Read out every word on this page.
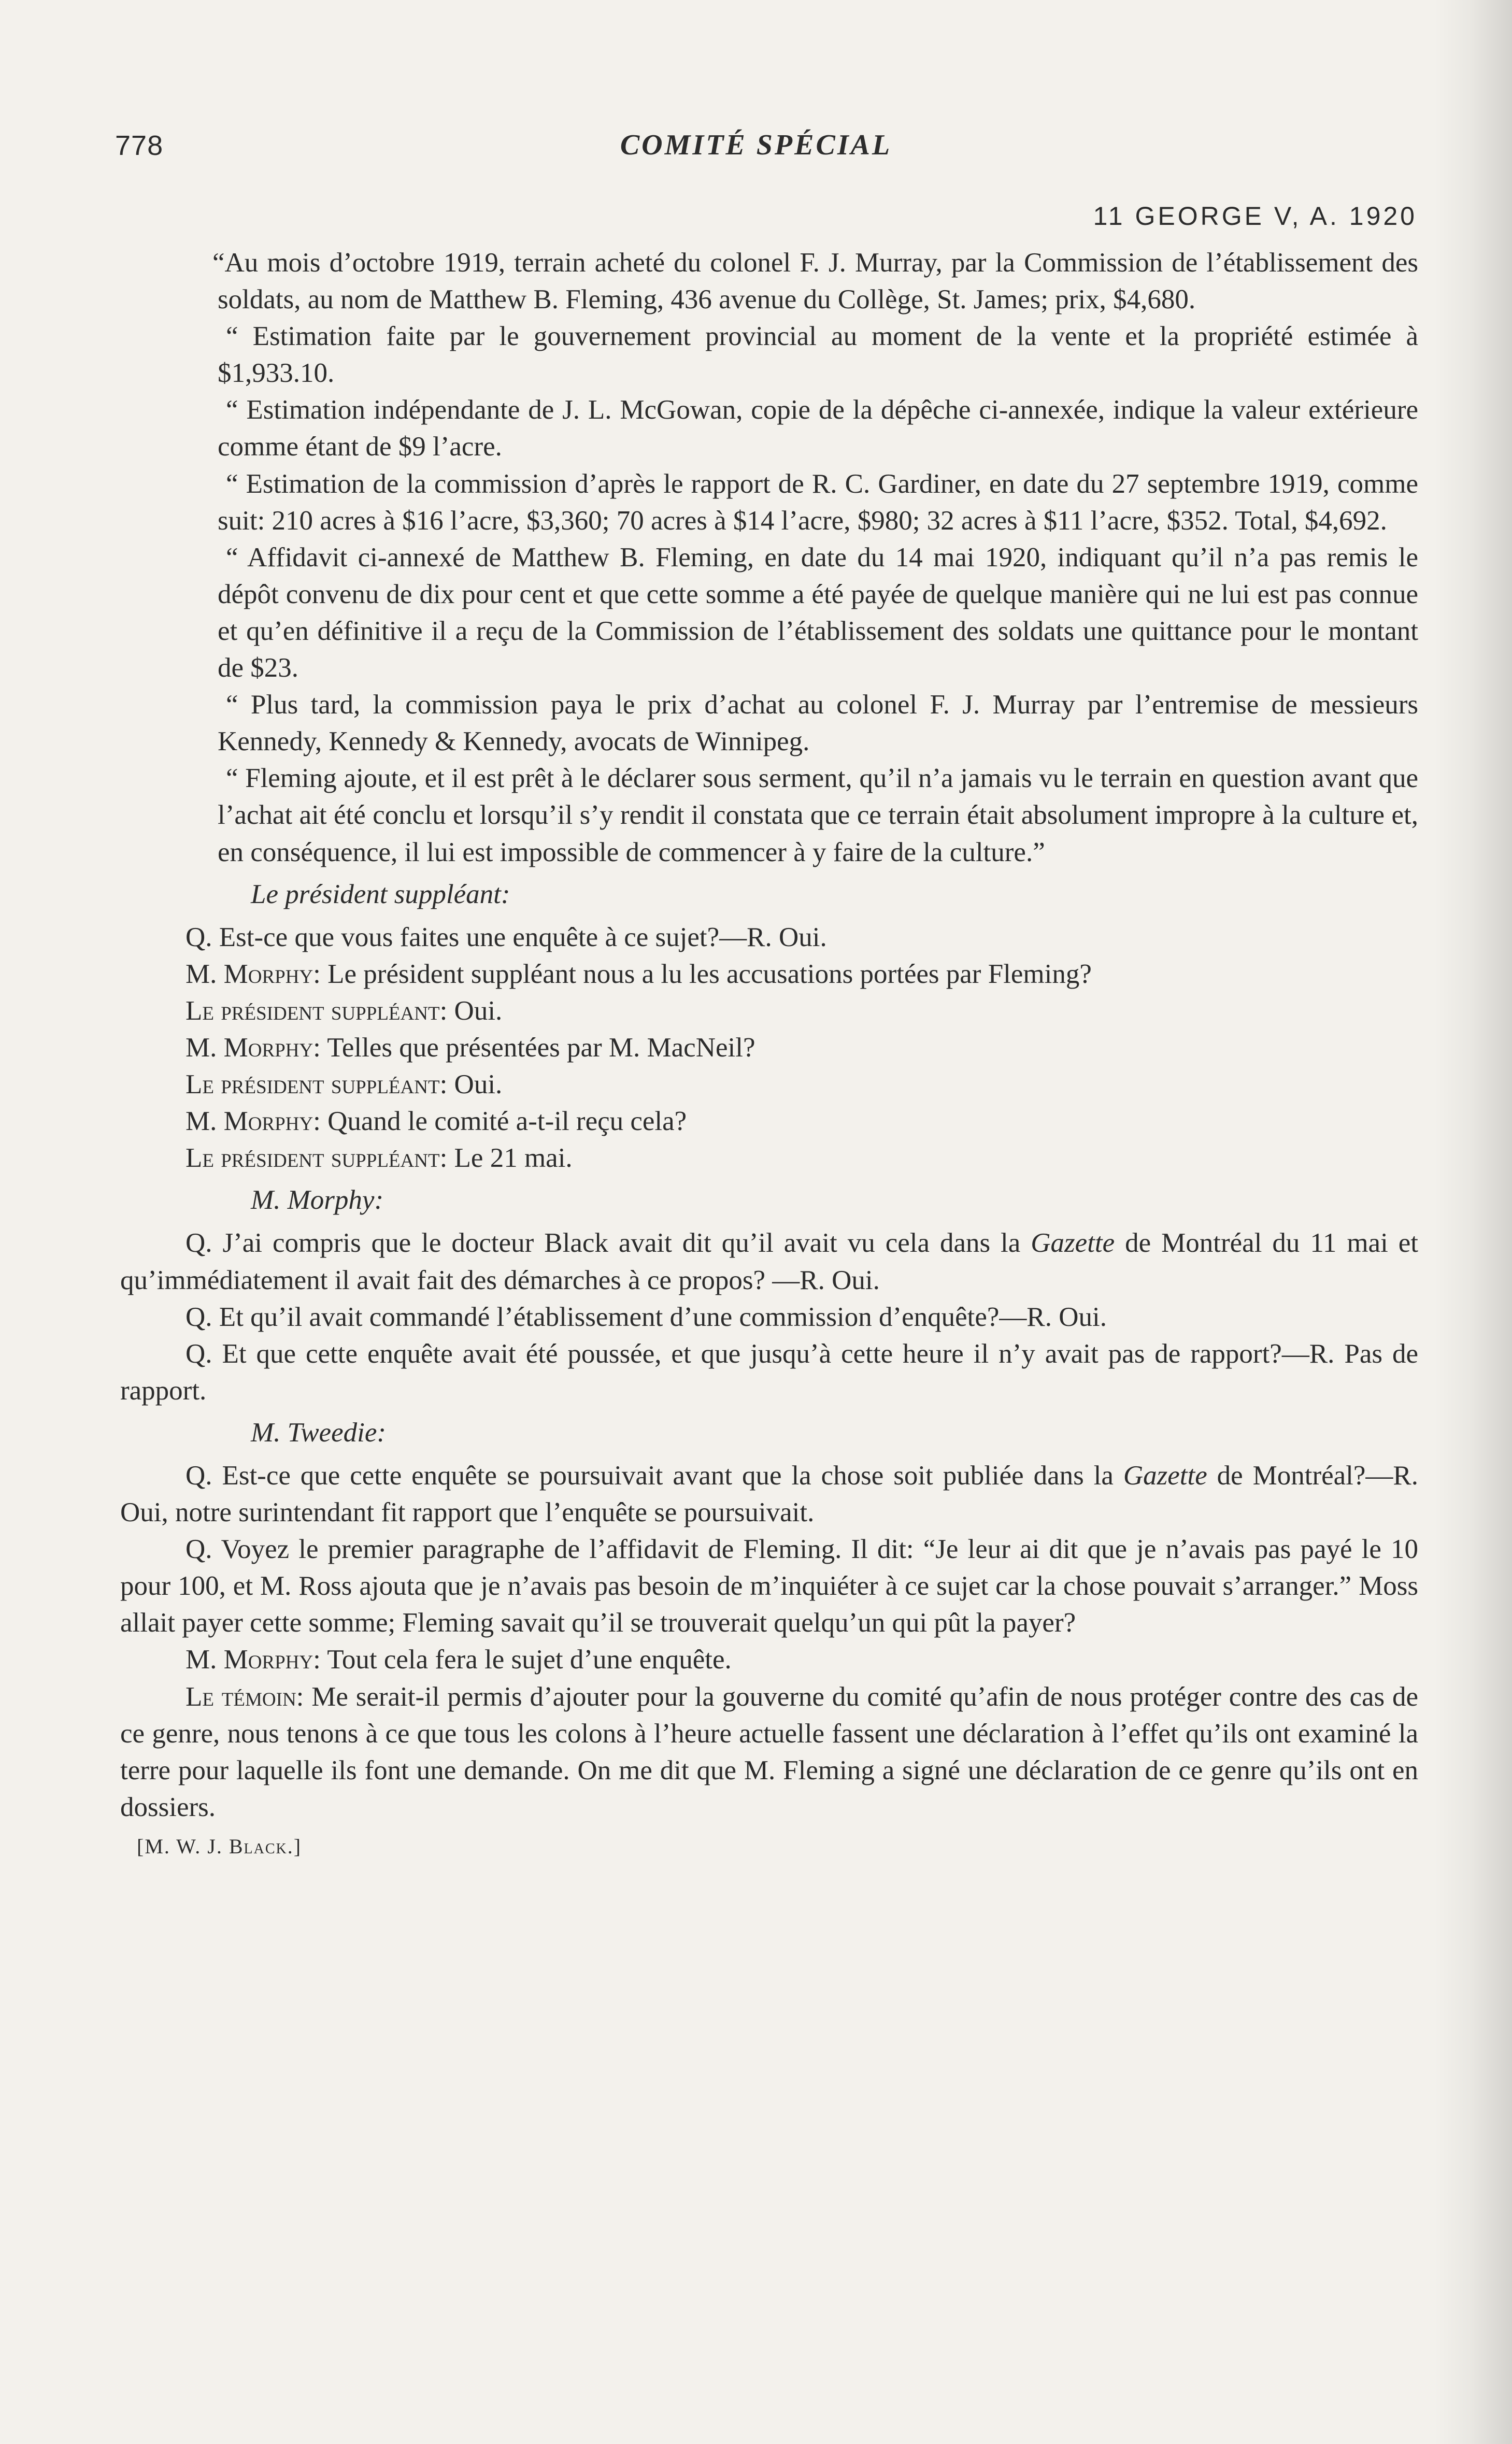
778	COMITÉ SPÉCIAL
11 GEORGE V, A. 1920

“Au mois d’octobre 1919, terrain acheté du colonel F. J. Murray, par la Commission de l’établissement des soldats, au nom de Matthew B. Fleming, 436 avenue du Collège, St. James; prix, $4,680.

“ Estimation faite par le gouvernement provincial au moment de la vente et la propriété estimée à $1,933.10.

“ Estimation indépendante de J. L. McGowan, copie de la dépêche ci-annexée, indique la valeur extérieure comme étant de $9 l’acre.

“ Estimation de la commission d’après le rapport de R. C. Gardiner, en date du 27 septembre 1919, comme suit: 210 acres à $16 l’acre, $3,360; 70 acres à $14 l’acre, $980; 32 acres à $11 l’acre, $352. Total, $4,692.

“ Affidavit ci-annexé de Matthew B. Fleming, en date du 14 mai 1920, indiquant qu’il n’a pas remis le dépôt convenu de dix pour cent et que cette somme a été payée de quelque manière qui ne lui est pas connue et qu’en définitive il a reçu de la Commission de l’établissement des soldats une quittance pour le montant de $23.

“ Plus tard, la commission paya le prix d’achat au colonel F. J. Murray par l’entremise de messieurs Kennedy, Kennedy & Kennedy, avocats de Winnipeg.

“ Fleming ajoute, et il est prêt à le déclarer sous serment, qu’il n’a jamais vu le terrain en question avant que l’achat ait été conclu et lorsqu’il s’y rendit il constata que ce terrain était absolument impropre à la culture et, en conséquence, il lui est impossible de commencer à y faire de la culture.”

Le président suppléant:

Q. Est-ce que vous faites une enquête à ce sujet?—R. Oui.

M. Morphy: Le président suppléant nous a lu les accusations portées par Fleming?

Le président suppléant: Oui.

M. Morphy: Telles que présentées par M. MacNeil?

Le président suppléant: Oui.

M. Morphy: Quand le comité a-t-il reçu cela?

Le président suppléant: Le 21 mai.

M. Morphy:

Q. J’ai compris que le docteur Black avait dit qu’il avait vu cela dans la Gazette de Montréal du 11 mai et qu’immédiatement il avait fait des démarches à ce propos? —R. Oui.

Q. Et qu’il avait commandé l’établissement d’une commission d’enquête?—R. Oui.

Q. Et que cette enquête avait été poussée, et que jusqu’à cette heure il n’y avait pas de rapport?—R. Pas de rapport.

M. Tweedie:

Q. Est-ce que cette enquête se poursuivait avant que la chose soit publiée dans la Gazette de Montréal?—R. Oui, notre surintendant fit rapport que l’enquête se poursuivait.

Q. Voyez le premier paragraphe de l’affidavit de Fleming. Il dit: “Je leur ai dit que je n’avais pas payé le 10 pour 100, et M. Ross ajouta que je n’avais pas besoin de m’inquiéter à ce sujet car la chose pouvait s’arranger.” Moss allait payer cette somme; Fleming savait qu’il se trouverait quelqu’un qui pût la payer?

M. Morphy: Tout cela fera le sujet d’une enquête.

Le témoin: Me serait-il permis d’ajouter pour la gouverne du comité qu’afin de nous protéger contre des cas de ce genre, nous tenons à ce que tous les colons à l’heure actuelle fassent une déclaration à l’effet qu’ils ont examiné la terre pour laquelle ils font une demande. On me dit que M. Fleming a signé une déclaration de ce genre qu’ils ont en dossiers.

[M. W. J. Black.]
